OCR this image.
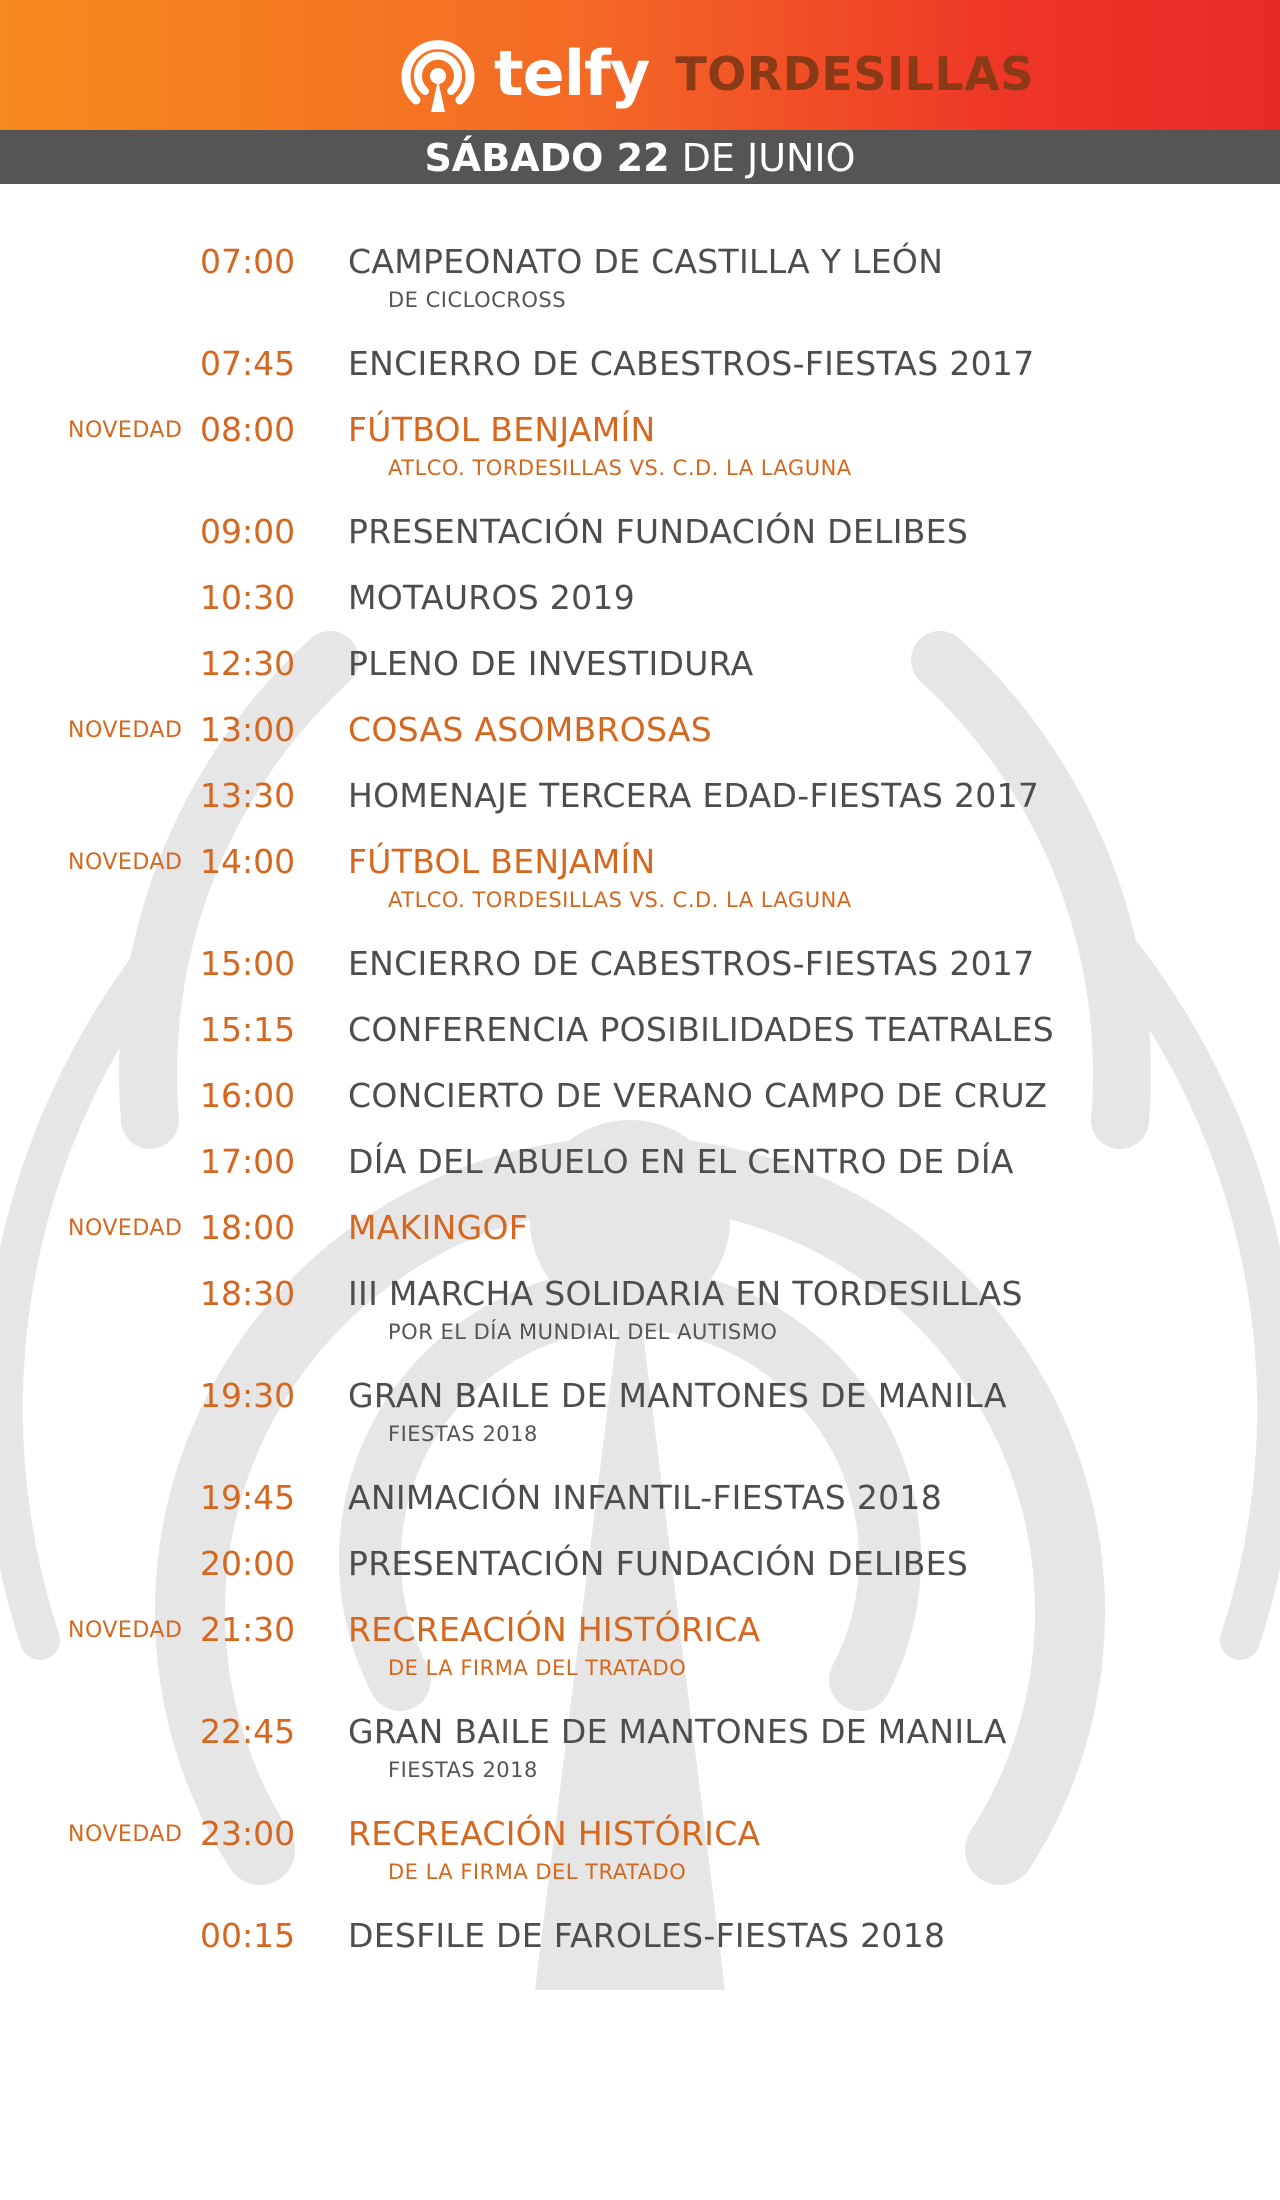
telfy TORDESILLAS
SÁBADO 22 DE JUNIO
07:00 CAMPEONATO DE CASTILLA Y LEÓN
DE CICLOCROSS
07:45 ENCIERRO DE CABESTROS-FIESTAS 2017
NOVEDAD 08:00 FÚTBOL BENJAMÍN
ATLCO. TORDESILLAS VS. C.D. LA LAGUNA
09:00 PRESENTACIÓN FUNDACIÓN DELIBES
10:30 MOTAUROS 2019
12:30 PLENO DE INVESTIDURA
NOVEDAD 13:00 COSAS ASOMBROSAS
13:30 HOMENAJE TERCERA EDAD-FIESTAS 2017
NOVEDAD 14:00 FÚTBOL BENJAMÍN
ATLCO. TORDESILLAS VS. C.D. LA LAGUNA
15:00 ENCIERRO DE CABESTROS-FIESTAS 2017
15:15 CONFERENCIA POSIBILIDADES TEATRALES
16:00 CONCIERTO DE VERANO CAMPO DE CRUZ
17:00 DÍA DEL ABUELO EN EL CENTRO DE DÍA
NOVEDAD 18:00 MAKINGOF
18:30 III MARCHA SOLIDARIA EN TORDESILLAS
POR EL DÍA MUNDIAL DEL AUTISMO
19:30 GRAN BAILE DE MANTONES DE MANILA
FIESTAS 2018
19:45 ANIMACIÓN INFANTIL-FIESTAS 2018
20:00 PRESENTACIÓN FUNDACIÓN DELIBES
NOVEDAD 21:30 RECREACIÓN HISTÓRICA
DE LA FIRMA DEL TRATADO
22:45 GRAN BAILE DE MANTONES DE MANILA
FIESTAS 2018
NOVEDAD 23:00 RECREACIÓN HISTÓRICA
DE LA FIRMA DEL TRATADO
00:15 DESFILE DE FAROLES-FIESTAS 2018
